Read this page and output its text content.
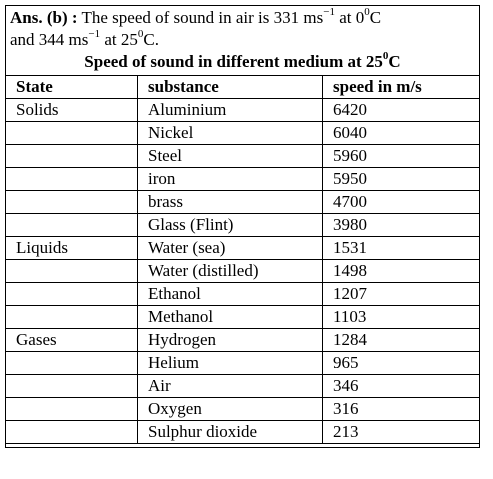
Ans. (b) : The speed of sound in air is 331 $ms^{-1}$ at $0^0C$
and 344 $ms^{-1}$ at $25^0C$.
Speed of sound in different medium at $25^0C$
State	substance	speed in m/s
Solids	Aluminium	6420
	Nickel	6040
	Steel	5960
	iron	5950
	brass	4700
	Glass (Flint)	3980
Liquids	Water (sea)	1531
	Water (distilled)	1498
	Ethanol	1207
	Methanol	1103
Gases	Hydrogen	1284
	Helium	965
	Air	346
	Oxygen	316
	Sulphur dioxide	213
